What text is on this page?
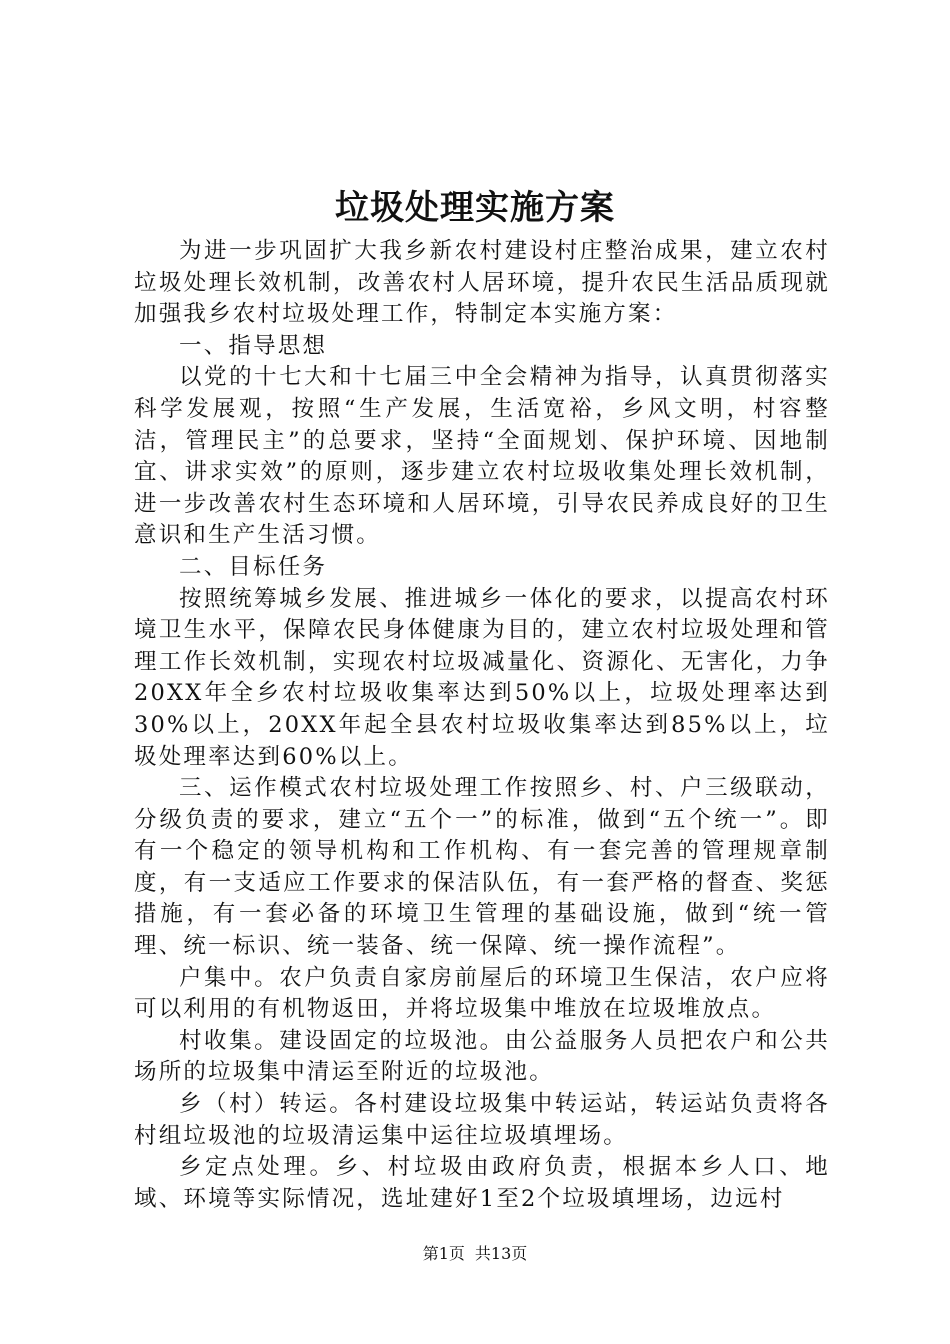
垃圾处理实施方案

为进一步巩固扩大我乡新农村建设村庄整治成果，建立农村垃圾处理长效机制，改善农村人居环境，提升农民生活品质现就加强我乡农村垃圾处理工作，特制定本实施方案：

一、指导思想

以党的十七大和十七届三中全会精神为指导，认真贯彻落实科学发展观，按照“生产发展，生活宽裕，乡风文明，村容整洁，管理民主”的总要求，坚持“全面规划、保护环境、因地制宜、讲求实效”的原则，逐步建立农村垃圾收集处理长效机制，进一步改善农村生态环境和人居环境，引导农民养成良好的卫生意识和生产生活习惯。

二、目标任务

按照统筹城乡发展、推进城乡一体化的要求，以提高农村环境卫生水平，保障农民身体健康为目的，建立农村垃圾处理和管理工作长效机制，实现农村垃圾减量化、资源化、无害化，力争20XX年全乡农村垃圾收集率达到50%以上，垃圾处理率达到30%以上，20XX年起全县农村垃圾收集率达到85%以上，垃圾处理率达到60%以上。

三、运作模式农村垃圾处理工作按照乡、村、户三级联动，分级负责的要求，建立“五个一”的标准，做到“五个统一”。即有一个稳定的领导机构和工作机构、有一套完善的管理规章制度，有一支适应工作要求的保洁队伍，有一套严格的督查、奖惩措施，有一套必备的环境卫生管理的基础设施，做到“统一管理、统一标识、统一装备、统一保障、统一操作流程”。

户集中。农户负责自家房前屋后的环境卫生保洁，农户应将可以利用的有机物返田，并将垃圾集中堆放在垃圾堆放点。

村收集。建设固定的垃圾池。由公益服务人员把农户和公共场所的垃圾集中清运至附近的垃圾池。

乡（村）转运。各村建设垃圾集中转运站，转运站负责将各村组垃圾池的垃圾清运集中运往垃圾填埋场。

乡定点处理。乡、村垃圾由政府负责，根据本乡人口、地域、环境等实际情况，选址建好1至2个垃圾填埋场，边远村

第1页 共13页
